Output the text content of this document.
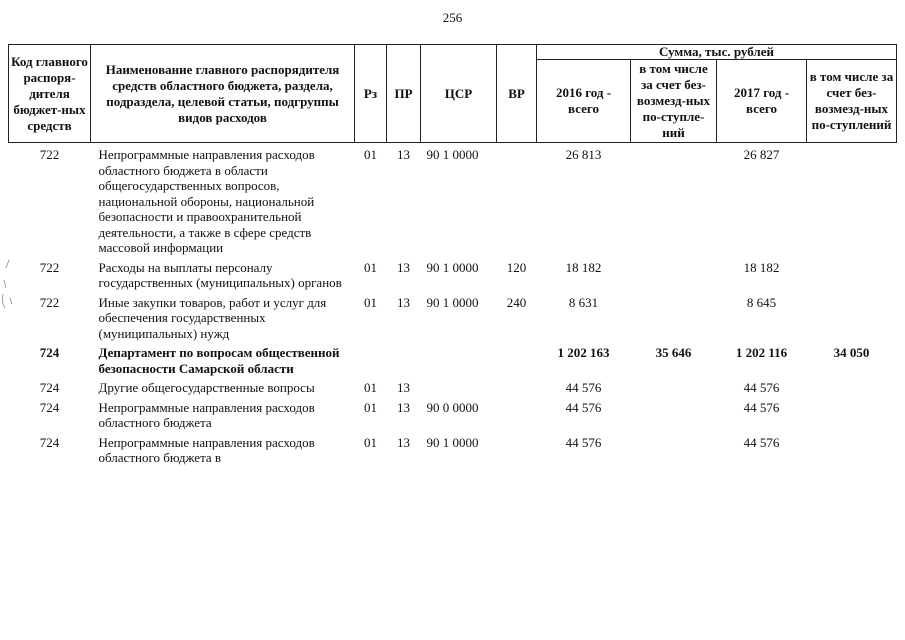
256
Код главного распоря-дителя бюджет-ных средств	Наименование главного распорядителя средств областного бюджета, раздела, подраздела, целевой статьи, подгруппы видов расходов	Рз	ПР	ЦСР	ВР	Сумма, тыс. рублей			
						2016 год - всего	в том числе за счет без-возмезд-ных по-ступле-ний	2017 год - всего	в том числе за счет без-возмезд-ных по-ступлений
722	Непрограммные направления расходов областного бюджета в области общегосударственных вопросов, национальной обороны, национальной безопасности и правоохранительной деятельности, а также в сфере средств массовой информации	01	13	90 1 0000		26 813		26 827	
722	Расходы на выплаты персоналу государственных (муниципальных) органов	01	13	90 1 0000	120	18 182		18 182	
722	Иные закупки товаров, работ и услуг для обеспечения государственных (муниципальных) нужд	01	13	90 1 0000	240	8 631		8 645	
724	Департамент по вопросам общественной безопасности Самарской области					1 202 163	35 646	1 202 116	34 050
724	Другие общегосударственные вопросы	01	13			44 576		44 576	
724	Непрограммные направления расходов областного бюджета	01	13	90 0 0000		44 576		44 576	
724	Непрограммные направления расходов областного бюджета в	01	13	90 1 0000		44 576		44 576	
